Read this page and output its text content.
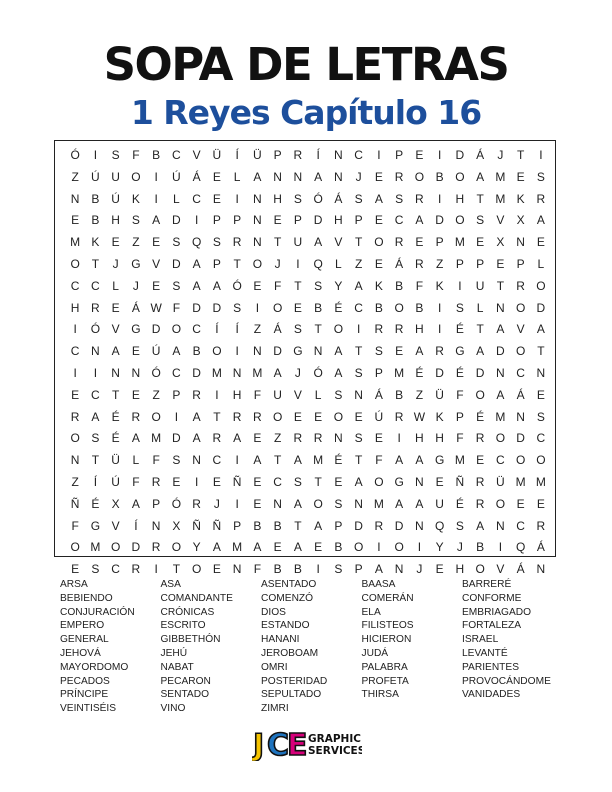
SOPA DE LETRAS
1 Reyes Capítulo 16
Ó	I	S	F	B C V Ü	Í	Ü P R	Í	N C	I	P	E	I	D Á	J	T	I
Z	Ú U O	I	Ú Á	E	L	A N N A N	J	E R O B O A M E	S
N B Ú K	I	L	C E	I	N H S Ó Á	S	A	S R	I	H	T M K R
E	B H S	A D	I	P	P N E	P D H P	E C A D O S	V	X	A
M K	E	Z	E	S Q S R N	T	U A	V	T O R E	P M E	X N E
O T	J	G V D A	P	T O	J	I	Q	L	Z	E	Á R	Z	P	P	E	P	L
C C	L	J	E	S	A	A Ó E	F	T	S	Y	A	K	B	F	K	I	U	T	R O
H R E	Á W F	D D S	I	O E	B	É C B O B	I	S	L	N O D
I	Ó V G D O C	Í	Í	Z	Á	S	T O	I	R R H	I	É	T	A	V	A
C N A	E Ú A	B O	I	N D G N A	T	S	E	A R G A D O T
I	I	N N Ó C D M N M A	J	Ó A	S	P M É D É D N C N
E C	T	E	Z	P R	I	H	F	U V	L	S N Á	B	Z	Ü	F O A	Á	E
R A	É R O	I	A	T	R R O E	E O E Ú R W K	P	É M N S
O S	É	A M D A R A	E	Z	R R N S	E	I	H H	F	R O D C
N	T	Ü	L	F	S N C	I	A	T	A M É	T	F	A	A G M E C O O
Z	Í	Ú	F	R E	I	E Ñ E C S	T	E	A O G N E Ñ R Ü M M
Ñ É	X	A	P Ó R	J	I	E N A O S N M A	A U É R O E	E
F G V	Í	N X Ñ Ñ P	B	B	T	A	P D R D N Q S	A N C R
O M O D R O Y	A M A	E	A	E	B O	I	O	I	Y	J	B	I	Q Á
E	S C R	I	T O E N	F	B	B	I	S	P	A N	J	E H O V	Á N
ARSA	ASA	ASENTADO	BAASA	BARRERÉ
BEBIENDO	COMANDANTE	COMENZÓ	COMERÁN	CONFORME
CONJURACIÓN	CRÓNICAS	DIOS	ELA	EMBRIAGADO
EMPERO	ESCRITO	ESTANDO	FILISTEOS	FORTALEZA
GENERAL	GIBBETHÓN	HANANI	HICIERON	ISRAEL
JEHOVÁ	JEHÚ	JEROBOAM	JUDÁ	LEVANTÉ
MAYORDOMO	NABAT	OMRI	PALABRA	PARIENTES
PECADOS	PECARON	POSTERIDAD	PROFETA	PROVOCÁNDOME
PRÍNCIPE	SENTADO	SEPULTADO	THIRSA	VANIDADES
VEINTISÉIS	VINO	ZIMRI
J C
E GRAPHIC
SERVICES
